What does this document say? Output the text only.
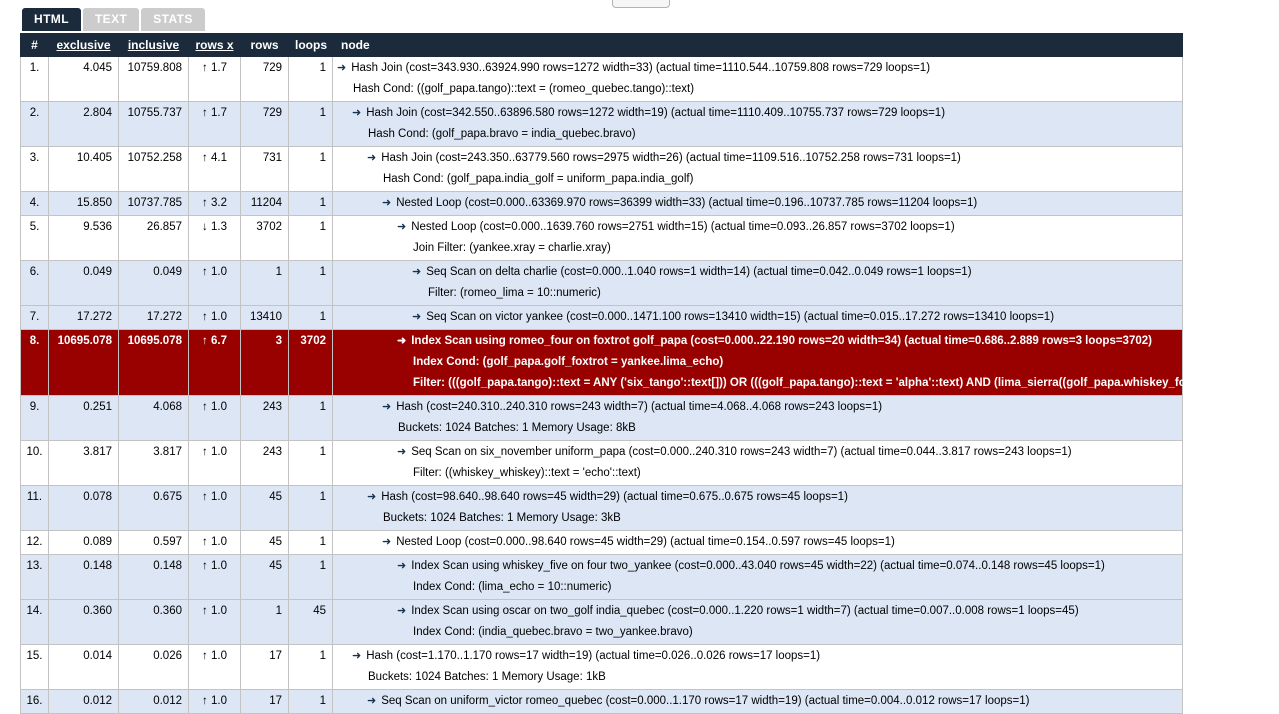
HTML	TEXT	STATS
#	exclusive	inclusive	rows x	rows	loops	node
1.	4.045	10759.808	↑ 1.7	729	1	➜ Hash Join (cost=343.930..63924.990 rows=1272 width=33) (actual time=1110.544..10759.808 rows=729 loops=1)
Hash Cond: ((golf_papa.tango)::text = (romeo_quebec.tango)::text)

2.	2.804	10755.737	↑ 1.7	729	1	➜ Hash Join (cost=342.550..63896.580 rows=1272 width=19) (actual time=1110.409..10755.737 rows=729 loops=1)
Hash Cond: (golf_papa.bravo = india_quebec.bravo)

3.	10.405	10752.258	↑ 4.1	731	1	➜ Hash Join (cost=243.350..63779.560 rows=2975 width=26) (actual time=1109.516..10752.258 rows=731 loops=1)
Hash Cond: (golf_papa.india_golf = uniform_papa.india_golf)

4.	15.850	10737.785	↑ 3.2	11204	1	➜ Nested Loop (cost=0.000..63369.970 rows=36399 width=33) (actual time=0.196..10737.785 rows=11204 loops=1)

5.	9.536	26.857	↓ 1.3	3702	1	➜ Nested Loop (cost=0.000..1639.760 rows=2751 width=15) (actual time=0.093..26.857 rows=3702 loops=1)
Join Filter: (yankee.xray = charlie.xray)

6.	0.049	0.049	↑ 1.0	1	1	➜ Seq Scan on delta charlie (cost=0.000..1.040 rows=1 width=14) (actual time=0.042..0.049 rows=1 loops=1)
Filter: (romeo_lima = 10::numeric)

7.	17.272	17.272	↑ 1.0	13410	1	➜ Seq Scan on victor yankee (cost=0.000..1471.100 rows=13410 width=15) (actual time=0.015..17.272 rows=13410 loops=1)

8.	10695.078	10695.078	↑ 6.7	3	3702	➜ Index Scan using romeo_four on foxtrot golf_papa (cost=0.000..22.190 rows=20 width=34) (actual time=0.686..2.889 rows=3 loops=3702)
Index Cond: (golf_papa.golf_foxtrot = yankee.lima_echo)
Filter: (((golf_papa.tango)::text = ANY ('six_tango'::text[])) OR (((golf_papa.tango)::text = 'alpha'::text) AND (lima_sierra((golf_papa.whiskey_foxtrot))::time

9.	0.251	4.068	↑ 1.0	243	1	➜ Hash (cost=240.310..240.310 rows=243 width=7) (actual time=4.068..4.068 rows=243 loops=1)
Buckets: 1024 Batches: 1 Memory Usage: 8kB

10.	3.817	3.817	↑ 1.0	243	1	➜ Seq Scan on six_november uniform_papa (cost=0.000..240.310 rows=243 width=7) (actual time=0.044..3.817 rows=243 loops=1)
Filter: ((whiskey_whiskey)::text = 'echo'::text)

11.	0.078	0.675	↑ 1.0	45	1	➜ Hash (cost=98.640..98.640 rows=45 width=29) (actual time=0.675..0.675 rows=45 loops=1)
Buckets: 1024 Batches: 1 Memory Usage: 3kB

12.	0.089	0.597	↑ 1.0	45	1	➜ Nested Loop (cost=0.000..98.640 rows=45 width=29) (actual time=0.154..0.597 rows=45 loops=1)

13.	0.148	0.148	↑ 1.0	45	1	➜ Index Scan using whiskey_five on four two_yankee (cost=0.000..43.040 rows=45 width=22) (actual time=0.074..0.148 rows=45 loops=1)
Index Cond: (lima_echo = 10::numeric)

14.	0.360	0.360	↑ 1.0	1	45	➜ Index Scan using oscar on two_golf india_quebec (cost=0.000..1.220 rows=1 width=7) (actual time=0.007..0.008 rows=1 loops=45)
Index Cond: (india_quebec.bravo = two_yankee.bravo)

15.	0.014	0.026	↑ 1.0	17	1	➜ Hash (cost=1.170..1.170 rows=17 width=19) (actual time=0.026..0.026 rows=17 loops=1)
Buckets: 1024 Batches: 1 Memory Usage: 1kB

16.	0.012	0.012	↑ 1.0	17	1	➜ Seq Scan on uniform_victor romeo_quebec (cost=0.000..1.170 rows=17 width=19) (actual time=0.004..0.012 rows=17 loops=1)
